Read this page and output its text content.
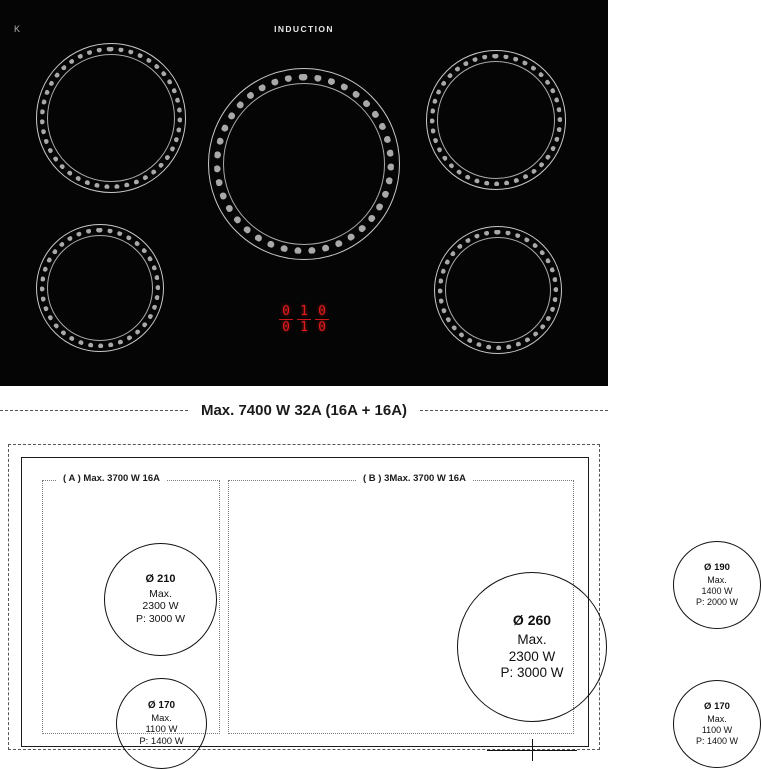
K	INDUCTION
0
0
1
1
0
0
Max. 7400 W 32A (16A + 16A)
( A ) Max. 3700 W 16A
Ø 210
Max.
2300 W
P: 3000 W
Ø 170
Max.
1100 W
P: 1400 W
( B ) 3Max. 3700 W 16A
Ø 260
Max.
2300 W
P: 3000 W
Ø 190
Max.
1400 W
P: 2000 W
Ø 170
Max.
1100 W
P: 1400 W
